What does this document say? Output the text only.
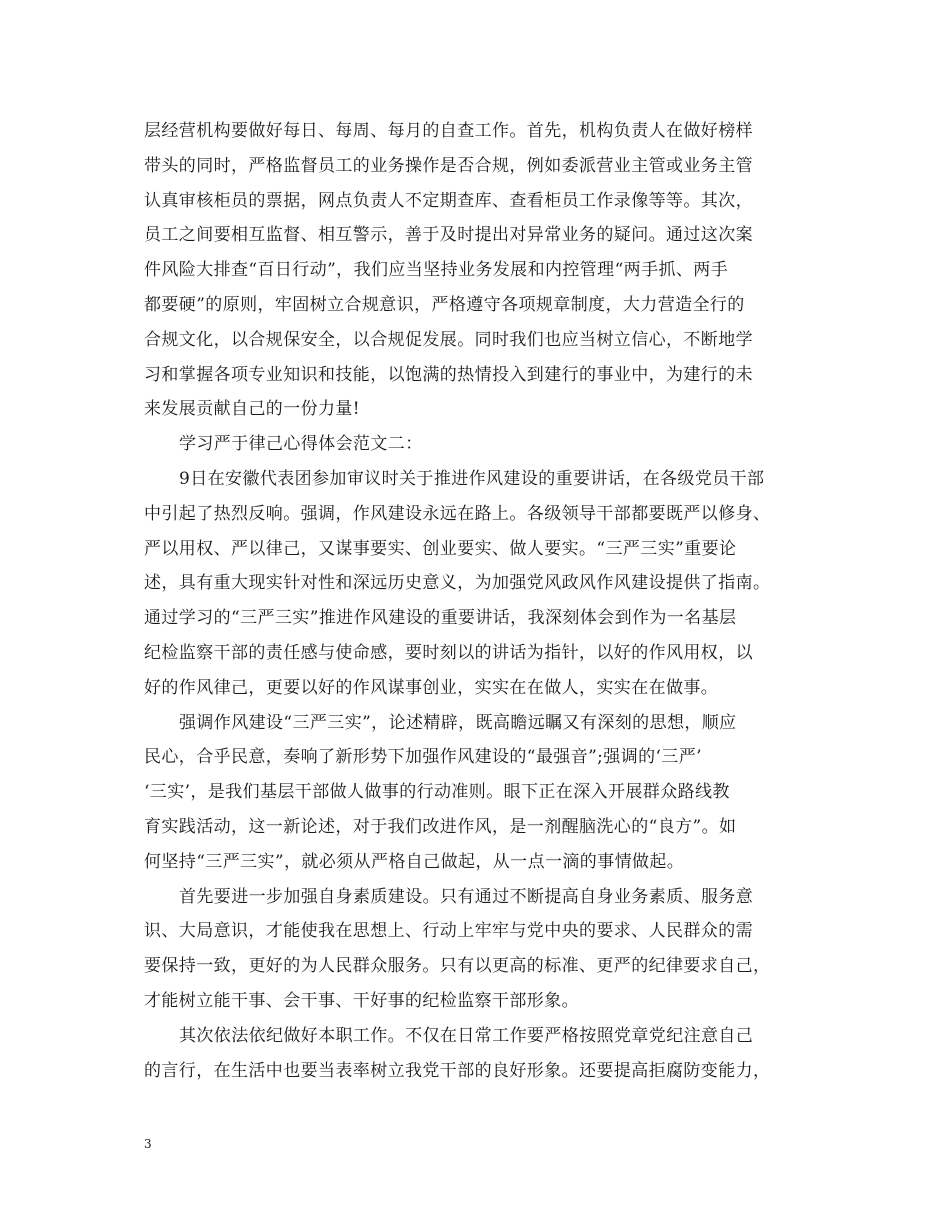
层经营机构要做好每日、每周、每月的自查工作。首先，机构负责人在做好榜样
带头的同时，严格监督员工的业务操作是否合规，例如委派营业主管或业务主管
认真审核柜员的票据，网点负责人不定期查库、查看柜员工作录像等等。其次，
员工之间要相互监督、相互警示，善于及时提出对异常业务的疑问。通过这次案
件风险大排查“百日行动”，我们应当坚持业务发展和内控管理“两手抓、两手
都要硬”的原则，牢固树立合规意识，严格遵守各项规章制度，大力营造全行的
合规文化，以合规保安全，以合规促发展。同时我们也应当树立信心，不断地学
习和掌握各项专业知识和技能，以饱满的热情投入到建行的事业中，为建行的未
来发展贡献自己的一份力量!
学习严于律己心得体会范文二：
9日在安徽代表团参加审议时关于推进作风建设的重要讲话，在各级党员干部
中引起了热烈反响。强调，作风建设永远在路上。各级领导干部都要既严以修身、
严以用权、严以律己，又谋事要实、创业要实、做人要实。“三严三实”重要论
述，具有重大现实针对性和深远历史意义，为加强党风政风作风建设提供了指南。
通过学习的“三严三实”推进作风建设的重要讲话，我深刻体会到作为一名基层
纪检监察干部的责任感与使命感，要时刻以的讲话为指针，以好的作风用权，以
好的作风律己，更要以好的作风谋事创业，实实在在做人，实实在在做事。
强调作风建设“三严三实”，论述精辟，既高瞻远瞩又有深刻的思想，顺应
民心，合乎民意，奏响了新形势下加强作风建设的“最强音”;强调的‘三严’
‘三实’，是我们基层干部做人做事的行动准则。眼下正在深入开展群众路线教
育实践活动，这一新论述，对于我们改进作风，是一剂醒脑洗心的“良方”。如
何坚持“三严三实”，就必须从严格自己做起，从一点一滴的事情做起。
首先要进一步加强自身素质建设。只有通过不断提高自身业务素质、服务意
识、大局意识，才能使我在思想上、行动上牢牢与党中央的要求、人民群众的需
要保持一致，更好的为人民群众服务。只有以更高的标准、更严的纪律要求自己，
才能树立能干事、会干事、干好事的纪检监察干部形象。
其次依法依纪做好本职工作。不仅在日常工作要严格按照党章党纪注意自己
的言行，在生活中也要当表率树立我党干部的良好形象。还要提高拒腐防变能力，
3
